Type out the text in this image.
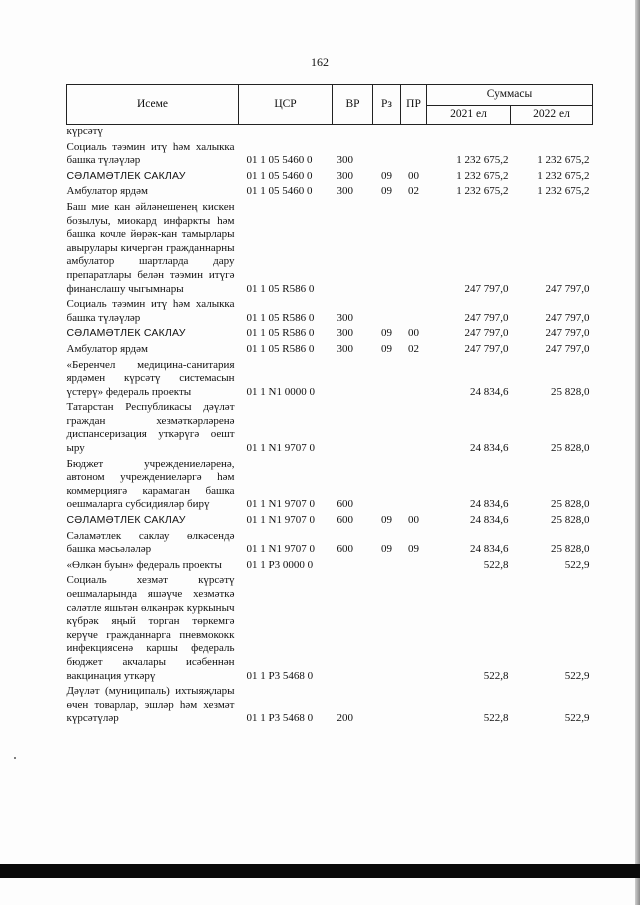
162
Исеме	ЦСР	ВР	Рз	ПР	Суммасы	
					2021 ел	2022 ел
күрсәтү						
Социаль тәэмин итү һәм халыкка башка түләүләр	01 1 05 5460 0	300			1 232 675,2	1 232 675,2
СӘЛАМӘТЛЕК САКЛАУ	01 1 05 5460 0	300	09	00	1 232 675,2	1 232 675,2
Амбулатор ярдәм	01 1 05 5460 0	300	09	02	1 232 675,2	1 232 675,2
Баш мие кан әйләнешенең кискен бозылуы, миокард инфаркты һәм башка кочле йөрәк-кан тамырлары авырулары кичергән гражданнарны амбулатор шартларда дару препаратлары белән тәэмин итүгә финанслашу чыгымнары	01 1 05 R586 0				247 797,0	247 797,0
Социаль тәэмин итү һәм халыкка башка түләүләр	01 1 05 R586 0	300			247 797,0	247 797,0
СӘЛАМӘТЛЕК САКЛАУ	01 1 05 R586 0	300	09	00	247 797,0	247 797,0
Амбулатор ярдәм	01 1 05 R586 0	300	09	02	247 797,0	247 797,0
«Беренчел медицина-санитария ярдәмен күрсәтү системасын үстерү» федераль проекты	01 1 N1 0000 0				24 834,6	25 828,0
Татарстан Республикасы дәүләт граждан хезмәткәрләренә диспансеризация уткәрүгә оешт​ыру	01 1 N1 9707 0				24 834,6	25 828,0
Бюджет учреждениеләренә, автоном учреждениеләргә һәм коммерциягә карамаган башка оешмаларга субсидияләр бирү	01 1 N1 9707 0	600			24 834,6	25 828,0
СӘЛАМӘТЛЕК САКЛАУ	01 1 N1 9707 0	600	09	00	24 834,6	25 828,0
Сәламәтлек саклау өлкәсендә башка мәсьәләләр	01 1 N1 9707 0	600	09	09	24 834,6	25 828,0
«Өлкән буын» федераль проекты	01 1 P3 0000 0				522,8	522,9
Социаль хезмәт күрсәтү оешмаларында яшәүче хезмәткә сәләтле яшьтән өлкәнрәк куркыныч күбрәк яңый торган төркемгә керүче гражданнарга пневмококк инфекциясенә каршы федераль бюджет акчалары исәбеннән вакцинация уткәрү	01 1 P3 5468 0				522,8	522,9
Дәүләт (муниципаль) ихтыяҗлары өчен товарлар, эшләр һәм хезмәт күрсәтүләр	01 1 P3 5468 0	200			522,8	522,9
